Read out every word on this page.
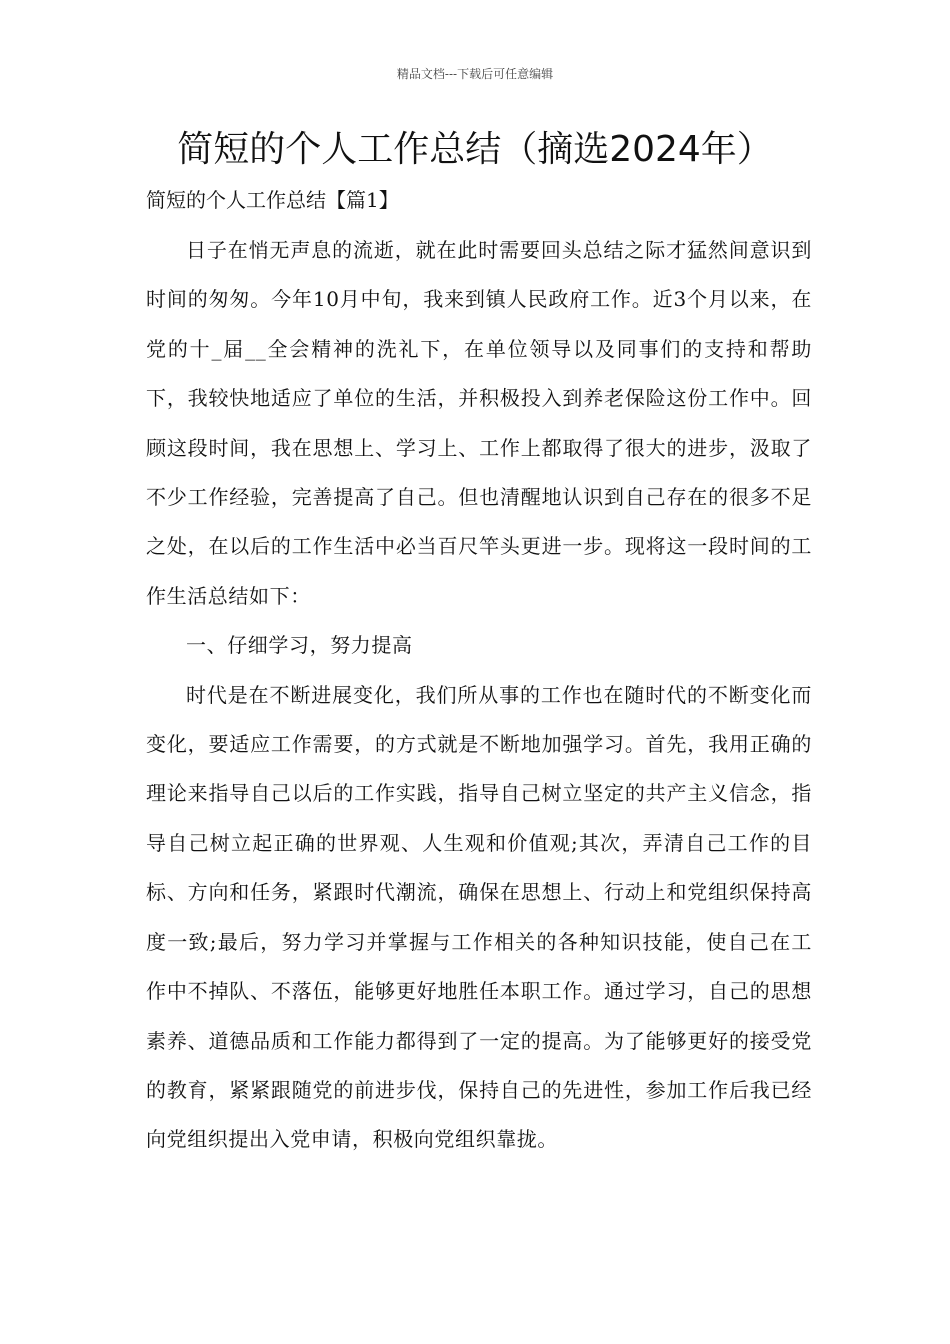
精品文档---下载后可任意编辑
简短的个人工作总结（摘选2024年）
简短的个人工作总结【篇1】

日子在悄无声息的流逝，就在此时需要回头总结之际才猛然间意识到时间的匆匆。今年10月中旬，我来到镇人民政府工作。近3个月以来，在党的十_届__全会精神的洗礼下，在单位领导以及同事们的支持和帮助下，我较快地适应了单位的生活，并积极投入到养老保险这份工作中。回顾这段时间，我在思想上、学习上、工作上都取得了很大的进步，汲取了不少工作经验，完善提高了自己。但也清醒地认识到自己存在的很多不足之处，在以后的工作生活中必当百尺竿头更进一步。现将这一段时间的工作生活总结如下：

一、仔细学习，努力提高

时代是在不断进展变化，我们所从事的工作也在随时代的不断变化而变化，要适应工作需要，的方式就是不断地加强学习。首先，我用正确的理论来指导自己以后的工作实践，指导自己树立坚定的共产主义信念，指导自己树立起正确的世界观、人生观和价值观;其次，弄清自己工作的目标、方向和任务，紧跟时代潮流，确保在思想上、行动上和党组织保持高度一致;最后，努力学习并掌握与工作相关的各种知识技能，使自己在工作中不掉队、不落伍，能够更好地胜任本职工作。通过学习，自己的思想素养、道德品质和工作能力都得到了一定的提高。为了能够更好的接受党的教育，紧紧跟随党的前进步伐，保持自己的先进性，参加工作后我已经向党组织提出入党申请，积极向党组织靠拢。
